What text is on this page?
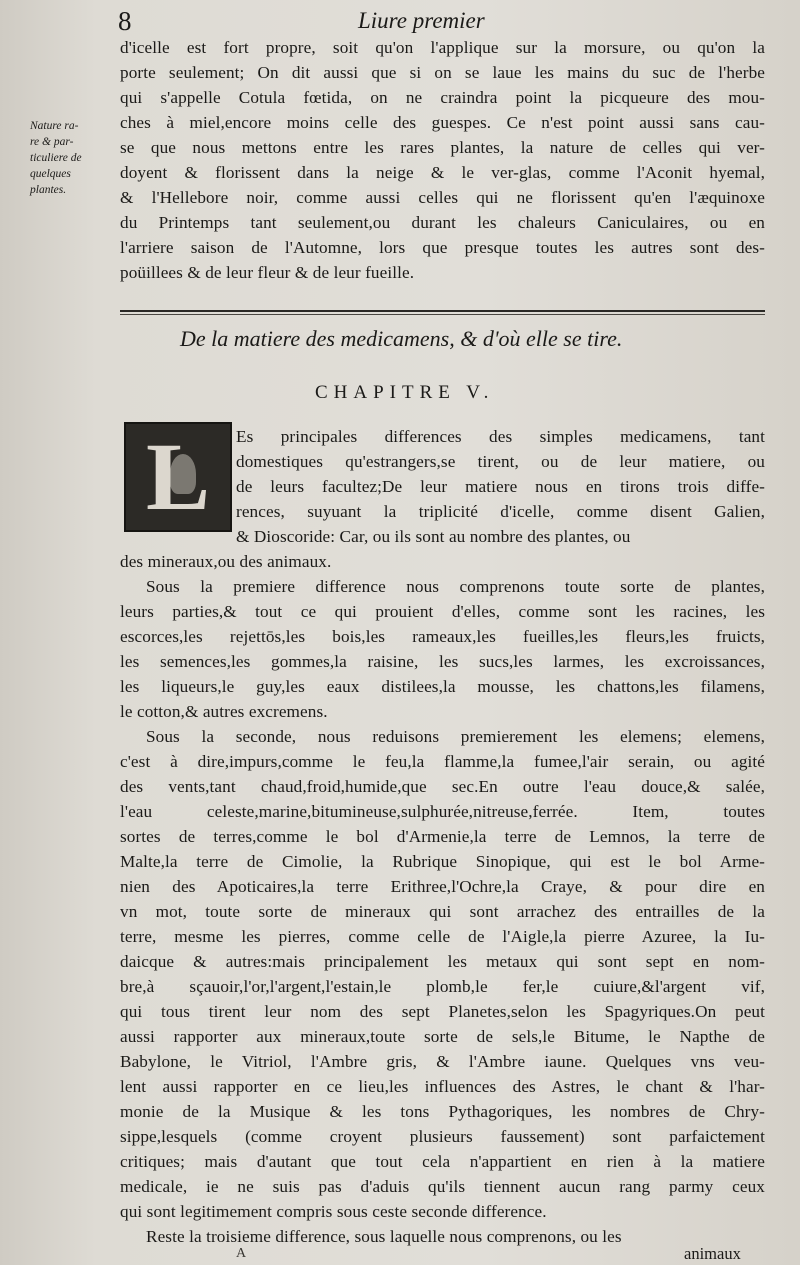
8	Liure premier
Nature ra-
re & par-
ticuliere de
quelques
plantes.
d'icelle est fort propre, soit qu'on l'applique sur la morsure, ou qu'on la
porte seulement; On dit aussi que si on se laue les mains du suc de l'herbe
qui s'appelle Cotula fœtida, on ne craindra point la picqueure des mou-
ches à miel,encore moins celle des guespes. Ce n'est point aussi sans cau-
se que nous mettons entre les rares plantes, la nature de celles qui ver-
doyent & florissent dans la neige & le ver-glas, comme l'Aconit hyemal,
& l'Hellebore noir, comme aussi celles qui ne florissent qu'en l'æquinoxe
du Printemps tant seulement,ou durant les chaleurs Caniculaires, ou en
l'arriere saison de l'Automne, lors que presque toutes les autres sont des-
poüillees & de leur fleur & de leur fueille.
De la matiere des medicamens, & d'où elle se tire.
CHAPITRE V.
L Es principales differences des simples medicamens, tant
domestiques qu'estrangers,se tirent, ou de leur matiere, ou
de leurs facultez;De leur matiere nous en tirons trois diffe-
rences, suyuant la triplicité d'icelle, comme disent Galien,
& Dioscoride: Car, ou ils sont au nombre des plantes, ou
des mineraux,ou des animaux.
Sous la premiere difference nous comprenons toute sorte de plantes,
leurs parties,& tout ce qui prouient d'elles, comme sont les racines, les
escorces,les rejettōs,les bois,les rameaux,les fueilles,les fleurs,les fruicts,
les semences,les gommes,la raisine, les sucs,les larmes, les excroissances,
les liqueurs,le guy,les eaux distilees,la mousse, les chattons,les filamens,
le cotton,& autres excremens.
Sous la seconde, nous reduisons premierement les elemens; elemens,
c'est à dire,impurs,comme le feu,la flamme,la fumee,l'air serain, ou agité
des vents,tant chaud,froid,humide,que sec.En outre l'eau douce,& salée,
l'eau celeste,marine,bitumineuse,sulphurée,nitreuse,ferrée. Item, toutes
sortes de terres,comme le bol d'Armenie,la terre de Lemnos, la terre de
Malte,la terre de Cimolie, la Rubrique Sinopique, qui est le bol Arme-
nien des Apoticaires,la terre Erithree,l'Ochre,la Craye, & pour dire en
vn mot, toute sorte de mineraux qui sont arrachez des entrailles de la
terre, mesme les pierres, comme celle de l'Aigle,la pierre Azuree, la Iu-
daicque & autres:mais principalement les metaux qui sont sept en nom-
bre,à sçauoir,l'or,l'argent,l'estain,le plomb,le fer,le cuiure,&l'argent vif,
qui tous tirent leur nom des sept Planetes,selon les Spagyriques.On peut
aussi rapporter aux mineraux,toute sorte de sels,le Bitume, le Napthe de
Babylone, le Vitriol, l'Ambre gris, & l'Ambre iaune. Quelques vns veu-
lent aussi rapporter en ce lieu,les influences des Astres, le chant & l'har-
monie de la Musique & les tons Pythagoriques, les nombres de Chry-
sippe,lesquels (comme croyent plusieurs faussement) sont parfaictement
critiques; mais d'autant que tout cela n'appartient en rien à la matiere
medicale, ie ne suis pas d'aduis qu'ils tiennent aucun rang parmy ceux
qui sont legitimement compris sous ceste seconde difference.
Reste la troisieme difference, sous laquelle nous comprenons, ou les
A	animaux
